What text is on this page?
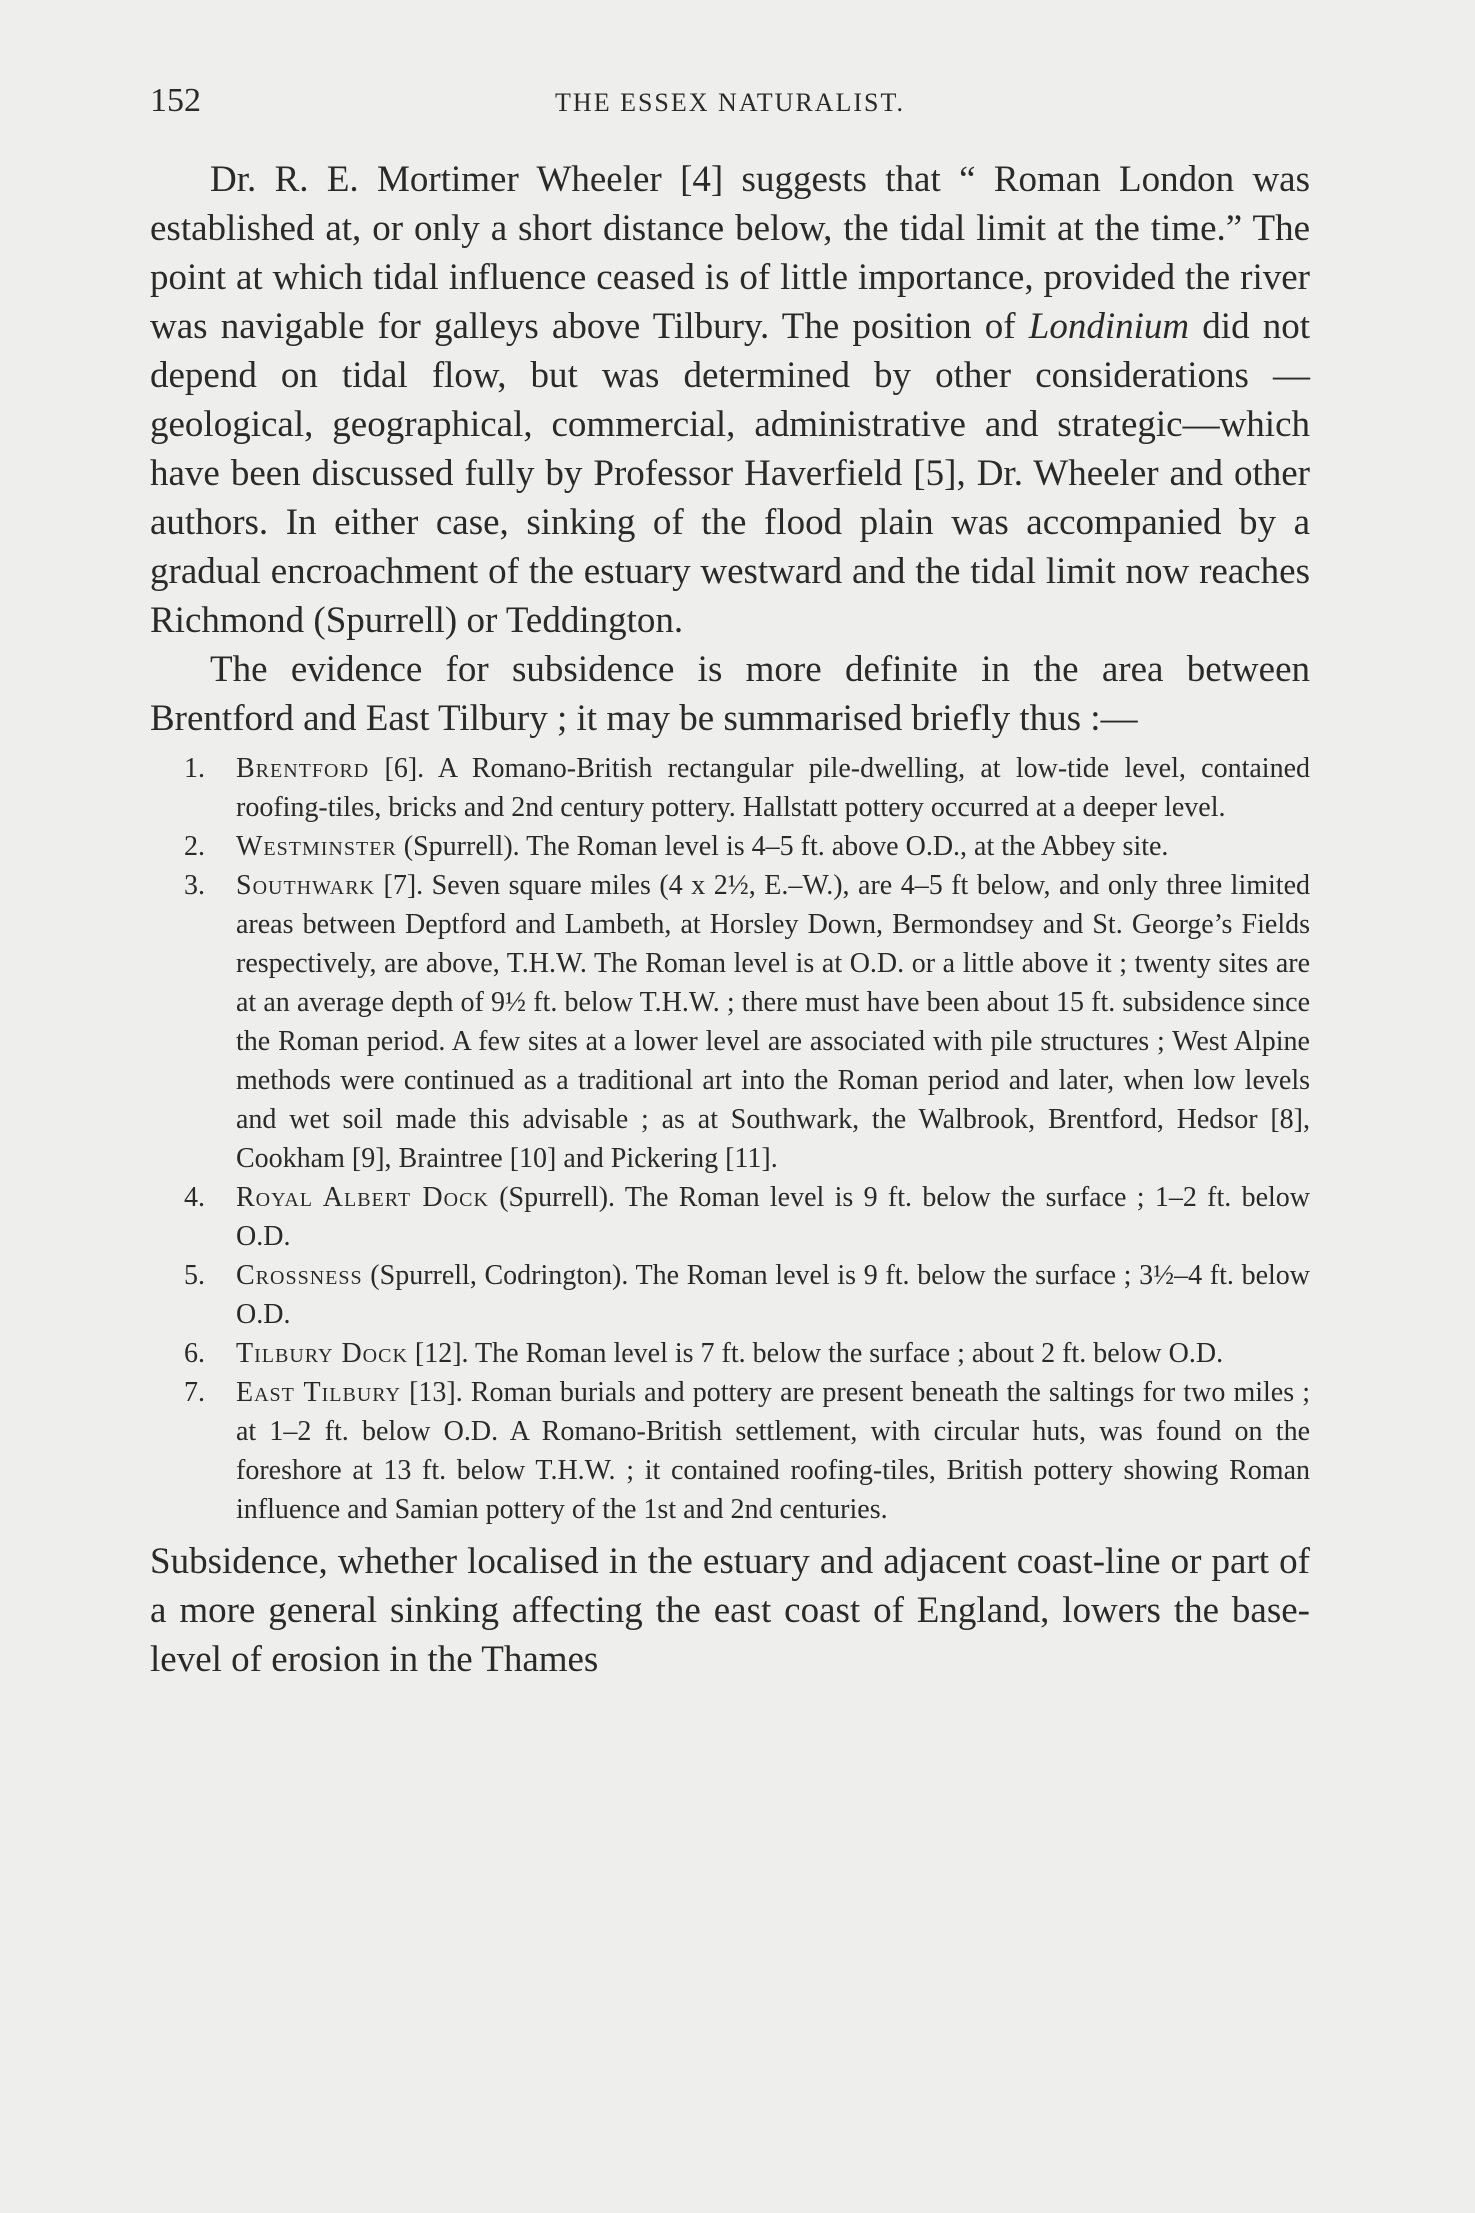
152	THE ESSEX NATURALIST.

Dr. R. E. Mortimer Wheeler [4] suggests that “ Roman London was established at, or only a short distance below, the tidal limit at the time.” The point at which tidal influence ceased is of little importance, provided the river was navigable for galleys above Tilbury. The position of Londinium did not depend on tidal flow, but was determined by other considerations —geological, geographical, commercial, administrative and strategic—which have been discussed fully by Professor Haverfield [5], Dr. Wheeler and other authors. In either case, sinking of the flood plain was accompanied by a gradual encroachment of the estuary westward and the tidal limit now reaches Richmond (Spurrell) or Teddington.

The evidence for subsidence is more definite in the area between Brentford and East Tilbury ; it may be summarised briefly thus :—

1. Brentford [6]. A Romano-British rectangular pile-dwelling, at low-tide level, contained roofing-tiles, bricks and 2nd century pottery. Hallstatt pottery occurred at a deeper level.
2. Westminster (Spurrell). The Roman level is 4–5 ft. above O.D., at the Abbey site.
3. Southwark [7]. Seven square miles (4 x 2½, E.–W.), are 4–5 ft below, and only three limited areas between Deptford and Lambeth, at Horsley Down, Bermondsey and St. George’s Fields respectively, are above, T.H.W. The Roman level is at O.D. or a little above it ; twenty sites are at an average depth of 9½ ft. below T.H.W. ; there must have been about 15 ft. subsidence since the Roman period. A few sites at a lower level are associated with pile structures ; West Alpine methods were continued as a traditional art into the Roman period and later, when low levels and wet soil made this advisable ; as at Southwark, the Walbrook, Brentford, Hedsor [8], Cookham [9], Braintree [10] and Pickering [11].
4. Royal Albert Dock (Spurrell). The Roman level is 9 ft. below the surface ; 1–2 ft. below O.D.
5. Crossness (Spurrell, Codrington). The Roman level is 9 ft. below the surface ; 3½–4 ft. below O.D.
6. Tilbury Dock [12]. The Roman level is 7 ft. below the surface ; about 2 ft. below O.D.
7. East Tilbury [13]. Roman burials and pottery are present beneath the saltings for two miles ; at 1–2 ft. below O.D. A Romano-British settlement, with circular huts, was found on the foreshore at 13 ft. below T.H.W. ; it contained roofing-tiles, British pottery showing Roman influence and Samian pottery of the 1st and 2nd centuries.

Subsidence, whether localised in the estuary and adjacent coast-line or part of a more general sinking affecting the east coast of England, lowers the base-level of erosion in the Thames
